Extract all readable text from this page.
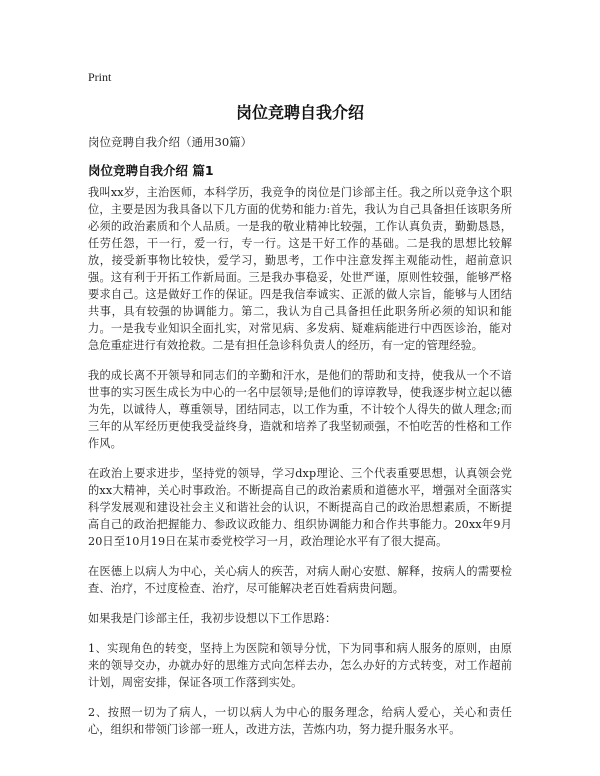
Print
岗位竞聘自我介绍
岗位竞聘自我介绍（通用30篇）
岗位竞聘自我介绍 篇1

我叫xx岁，主治医师，本科学历，我竞争的岗位是门诊部主任。我之所以竞争这个职位，主要是因为我具备以下几方面的优势和能力:首先，我认为自己具备担任该职务所必须的政治素质和个人品质。一是我的敬业精神比较强，工作认真负责，勤勤恳恳，任劳任怨，干一行，爱一行，专一行。这是干好工作的基础。二是我的思想比较解放，接受新事物比较快，爱学习，勤思考，工作中注意发挥主观能动性，超前意识强。这有利于开拓工作新局面。三是我办事稳妥，处世严谨，原则性较强，能够严格要求自己。这是做好工作的保证。四是我信奉诚实、正派的做人宗旨，能够与人团结共事，具有较强的协调能力。第二，我认为自己具备担任此职务所必须的知识和能力。一是我专业知识全面扎实，对常见病、多发病、疑难病能进行中西医诊治，能对急危重症进行有效抢救。二是有担任急诊科负责人的经历，有一定的管理经验。

我的成长离不开领导和同志们的辛勤和汗水，是他们的帮助和支持，使我从一个不谙世事的实习医生成长为中心的一名中层领导;是他们的谆谆教导，使我逐步树立起以德为先，以诚待人，尊重领导，团结同志，以工作为重，不计较个人得失的做人理念;而三年的从军经历更使我受益终身，造就和培养了我坚韧顽强，不怕吃苦的性格和工作作风。

在政治上要求进步，坚持党的领导，学习dxp理论、三个代表重要思想，认真领会党的xx大精神，关心时事政治。不断提高自己的政治素质和道德水平，增强对全面落实科学发展观和建设社会主义和谐社会的认识，不断提高自己的政治思想素质，不断提高自己的政治把握能力、参政议政能力、组织协调能力和合作共事能力。20xx年9月20日至10月19日在某市委党校学习一月，政治理论水平有了很大提高。

在医德上以病人为中心，关心病人的疾苦，对病人耐心安慰、解释，按病人的需要检查、治疗，不过度检查、治疗，尽可能解决老百姓看病贵问题。

如果我是门诊部主任，我初步设想以下工作思路：

1、实现角色的转变，坚持上为医院和领导分忧，下为同事和病人服务的原则，由原来的领导交办，办就办好的思维方式向怎样去办，怎么办好的方式转变，对工作超前计划，周密安排，保证各项工作落到实处。

2、按照一切为了病人，一切以病人为中心的服务理念，给病人爱心，关心和责任心，组织和带领门诊部一班人，改进方法，苦炼内功，努力提升服务水平。
